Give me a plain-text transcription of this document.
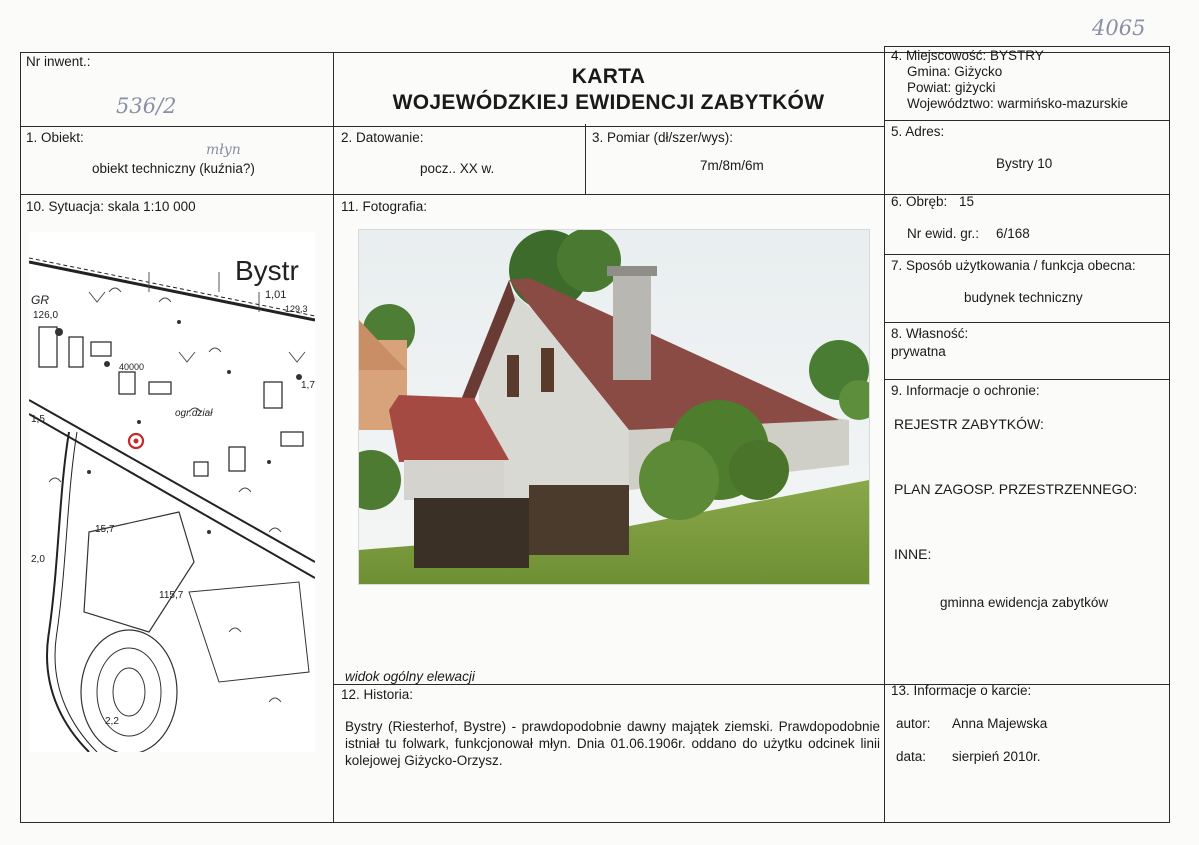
4065
Nr inwent.:
536/2
KARTA
WOJEWÓDZKIEJ EWIDENCJI ZABYTKÓW
4. Miejscowość: BYSTRY
Gmina: Giżycko
Powiat: giżycki
Województwo: warmińsko-mazurskie
1. Obiekt:
obiekt techniczny (kuźnia?)
młyn
2. Datowanie:
pocz.. XX w.
3. Pomiar (dł/szer/wys):
7m/8m/6m
5. Adres:
Bystry 10
6. Obręb: 15
Nr ewid. gr.: 6/168
7. Sposób użytkowania / funkcja obecna:
budynek techniczny
8. Własność:
prywatna
9. Informacje o ochronie:
REJESTR ZABYTKÓW:
PLAN ZAGOSP. PRZESTRZENNEGO:
INNE:
gminna ewidencja zabytków
10. Sytuacja: skala 1:10 000
Bystr
1,01
129,3
126,0
40000
ogr.dział
15,7
115,7
2,0
1,5
1,7
2,2
GR
11. Fotografia:
widok ogólny elewacji
12. Historia:
Bystry (Riesterhof, Bystre) - prawdopodobnie dawny majątek ziemski. Prawdopodobnie istniał tu folwark, funkcjonował młyn. Dnia 01.06.1906r. oddano do użytku odcinek linii kolejowej Giżycko-Orzysz.
13. Informacje o karcie:
autor: Anna Majewska
data: sierpień 2010r.
